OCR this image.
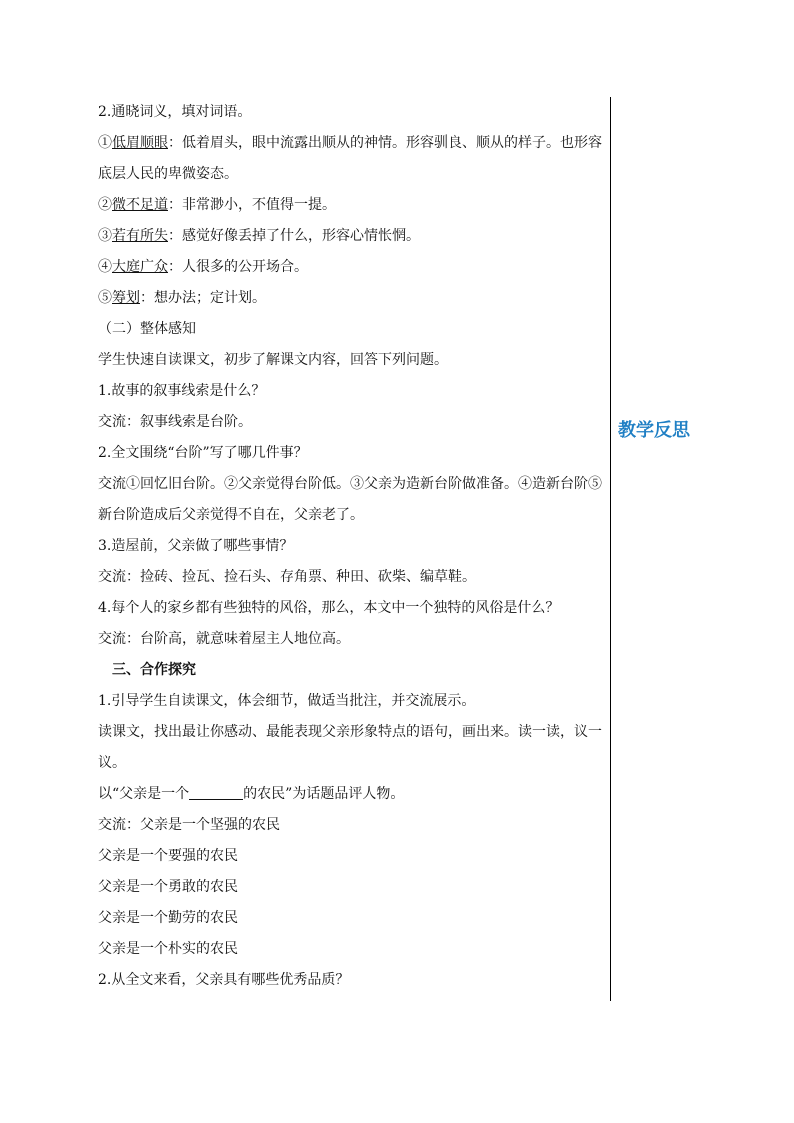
2.通晓词义，填对词语。
①低眉顺眼：低着眉头，眼中流露出顺从的神情。形容驯良、顺从的样子。也形容
底层人民的卑微姿态。
②微不足道：非常渺小，不值得一提。
③若有所失：感觉好像丢掉了什么，形容心情怅惘。
④大庭广众：人很多的公开场合。
⑤筹划：想办法；定计划。
（二）整体感知
学生快速自读课文，初步了解课文内容，回答下列问题。
1.故事的叙事线索是什么？
交流：叙事线索是台阶。
2.全文围绕“台阶”写了哪几件事？
交流①回忆旧台阶。②父亲觉得台阶低。③父亲为造新台阶做准备。④造新台阶⑤
新台阶造成后父亲觉得不自在，父亲老了。
3.造屋前，父亲做了哪些事情？
交流：捡砖、捡瓦、捡石头、存角票、种田、砍柴、编草鞋。
4.每个人的家乡都有些独特的风俗，那么，本文中一个独特的风俗是什么？
交流：台阶高，就意味着屋主人地位高。
三、合作探究
1.引导学生自读课文，体会细节，做适当批注，并交流展示。
读课文，找出最让你感动、最能表现父亲形象特点的语句，画出来。读一读，议一
议。
以“父亲是一个	的农民”为话题品评人物。
交流：父亲是一个坚强的农民
父亲是一个要强的农民
父亲是一个勇敢的农民
父亲是一个勤劳的农民
父亲是一个朴实的农民
2.从全文来看，父亲具有哪些优秀品质？
教学反思
